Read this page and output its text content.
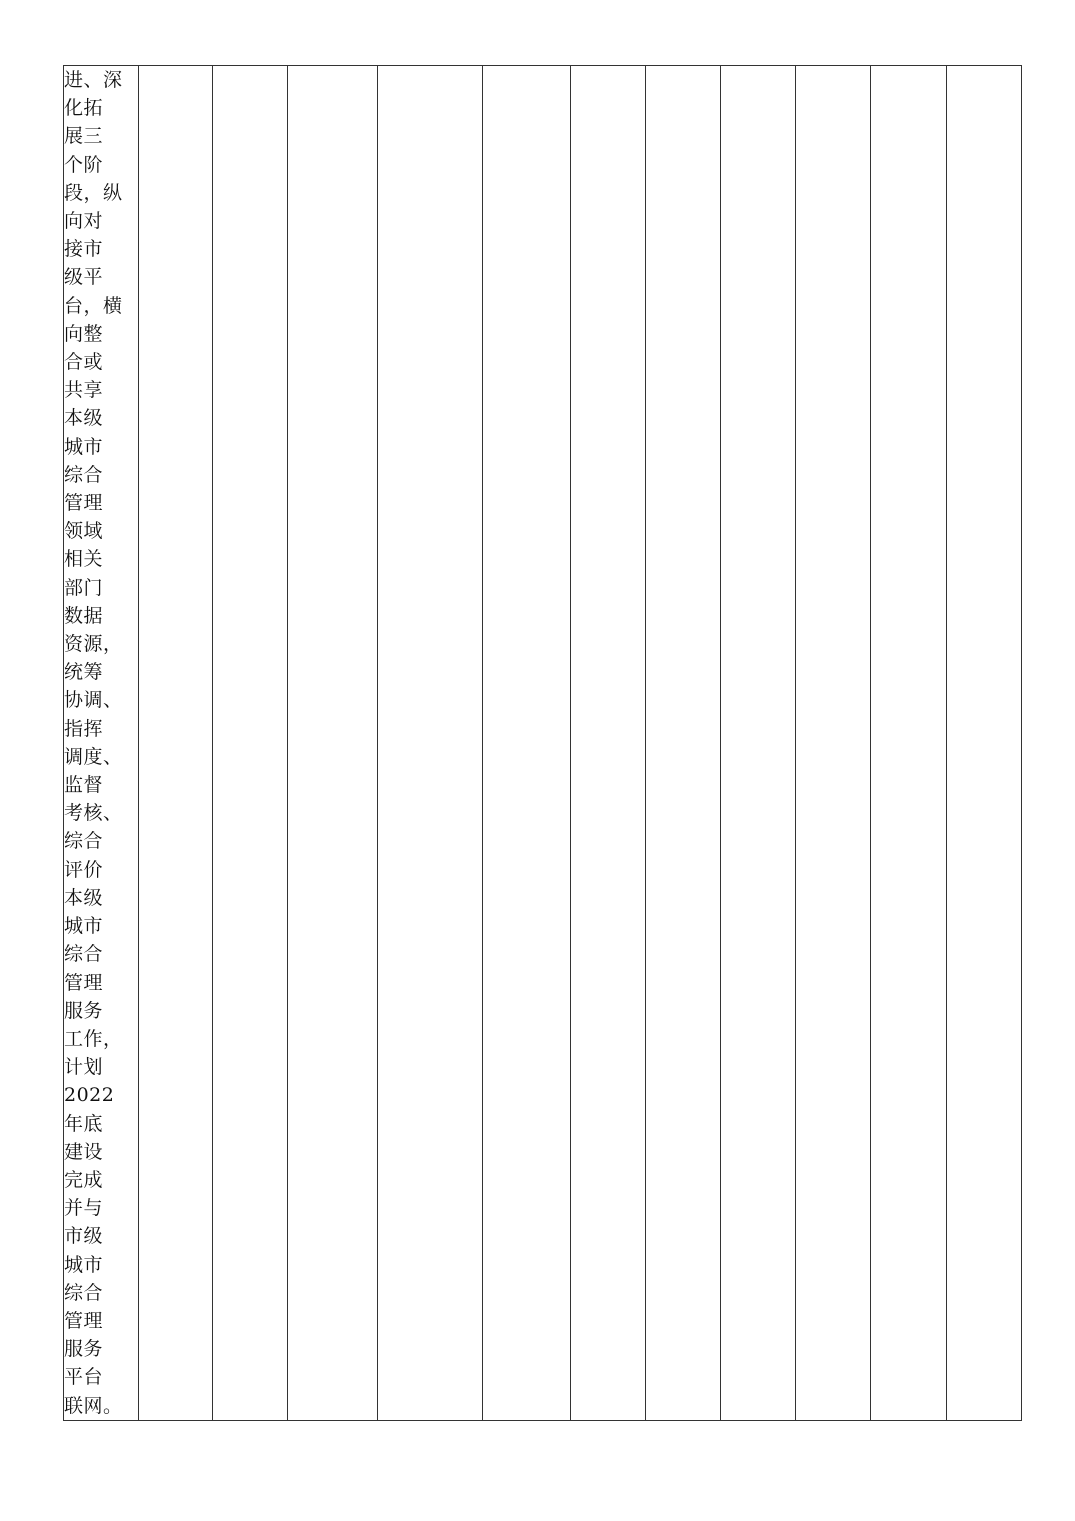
进、深
化拓
展三
个阶
段，纵
向对
接市
级平
台，横
向整
合或
共享
本级
城市
综合
管理
领域
相关
部门
数据
资源，
统筹
协调、
指挥
调度、
监督
考核、
综合
评价
本级
城市
综合
管理
服务
工作，
计划
2022
年底
建设
完成
并与
市级
城市
综合
管理
服务
平台
联网。
